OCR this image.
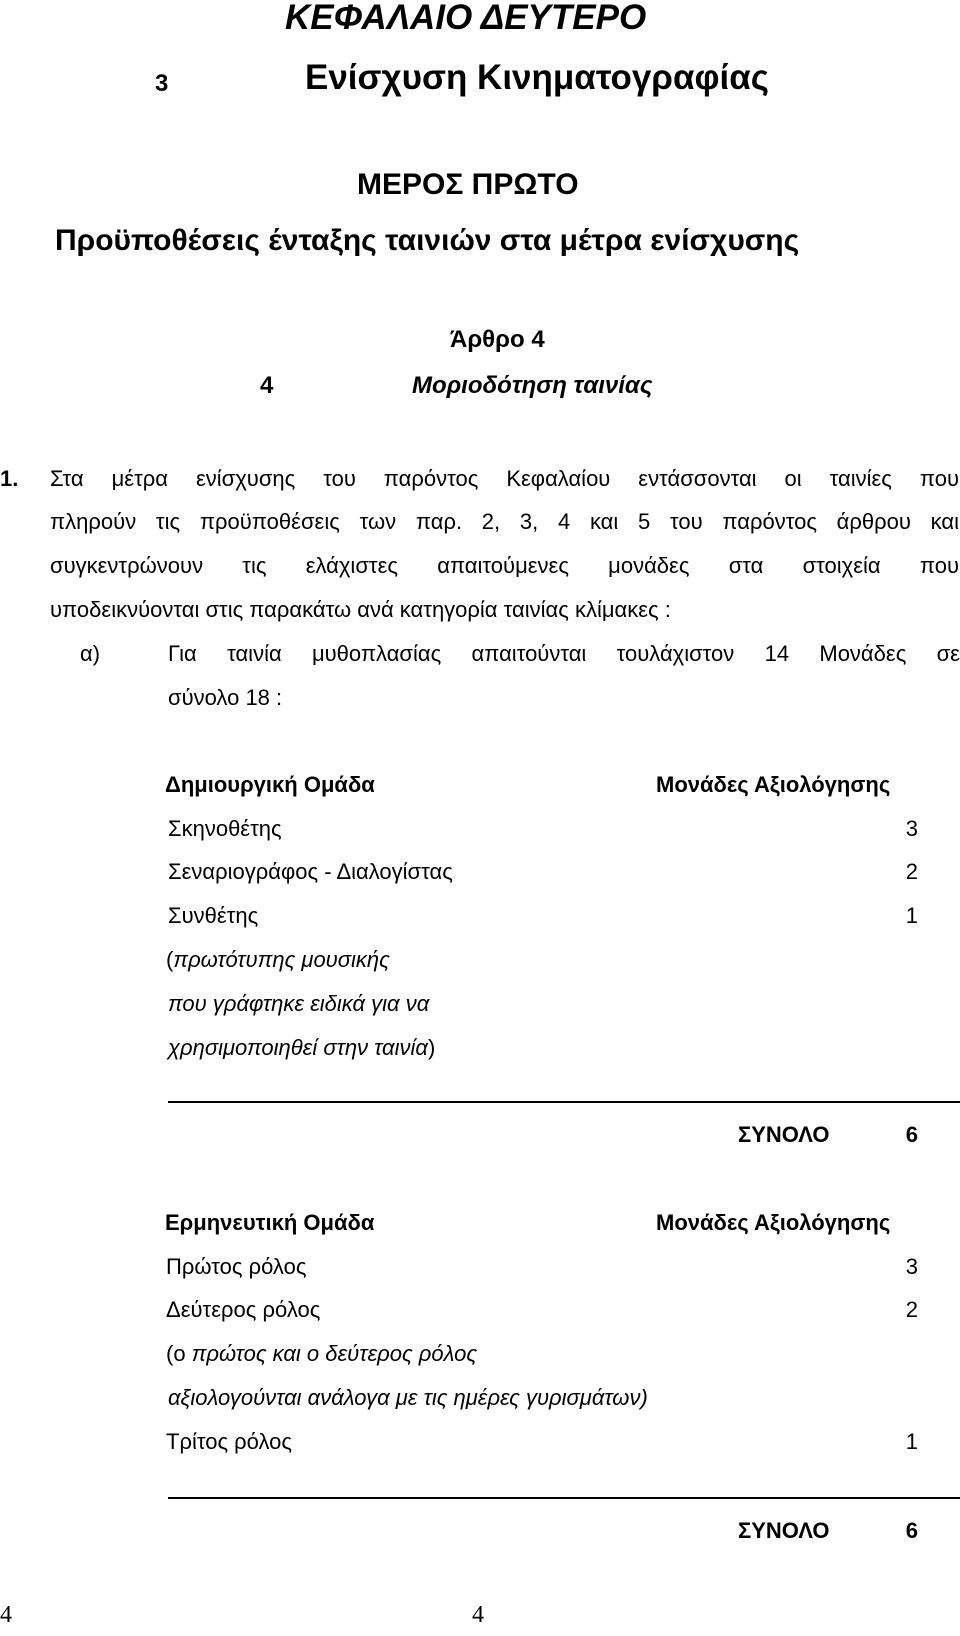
ΚΕΦΑΛΑΙΟ ΔΕΥΤΕΡΟ
3	Ενίσχυση Κινηματογραφίας
ΜΕΡΟΣ ΠΡΩΤΟ
Προϋποθέσεις ένταξης ταινιών στα μέτρα ενίσχυσης
Άρθρο 4
4	Μοριοδότηση ταινίας
1. Στα μέτρα ενίσχυσης του παρόντος Κεφαλαίου εντάσσονται οι ταινίες που
πληρούν τις προϋποθέσεις των παρ. 2, 3, 4 και 5 του παρόντος άρθρου και
συγκεντρώνουν τις ελάχιστες απαιτούμενες μονάδες στα στοιχεία που
υποδεικνύονται στις παρακάτω ανά κατηγορία ταινίας κλίμακες :
α)	Για ταινία μυθοπλασίας απαιτούνται τουλάχιστον 14 Μονάδες σε
σύνολο 18 :
Δημιουργική Ομάδα	Μονάδες Αξιολόγησης
Σκηνοθέτης	3
Σεναριογράφος - Διαλογίστας	2
Συνθέτης	1
(πρωτότυπης μουσικής
που γράφτηκε ειδικά για να
χρησιμοποιηθεί στην ταινία)
ΣΥΝΟΛΟ	6
Ερμηνευτική Ομάδα	Μονάδες Αξιολόγησης
Πρώτος ρόλος	3
Δεύτερος ρόλος	2
(ο πρώτος και ο δεύτερος ρόλος
αξιολογούνται ανάλογα με τις ημέρες γυρισμάτων)
Τρίτος ρόλος	1
ΣΥΝΟΛΟ	6
4	4
